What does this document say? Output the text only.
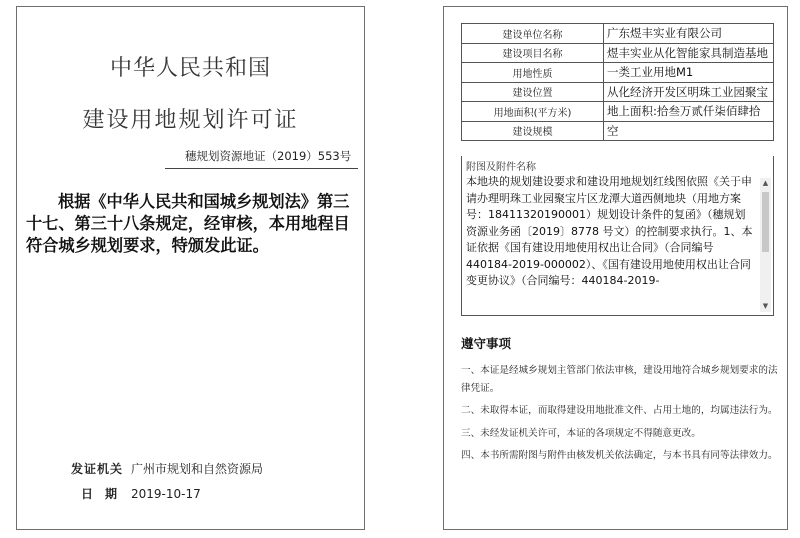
中华人民共和国
建设用地规划许可证
穗规划资源地证（2019）553号
根据《中华人民共和国城乡规划法》第三十七、第三十八条规定，经审核，本用地程目符合城乡规划要求，特颁发此证。
发证机关 广州市规划和自然资源局
日期 2019-10-17
建设单位名称	广东煜丰实业有限公司
建设项目名称	煜丰实业从化智能家具制造基地
用地性质	一类工业用地M1
建设位置	从化经济开发区明珠工业园聚宝
用地面积(平方米)	地上面积:拾叁万贰仟柒佰肆拾
建设规模	空
附图及附件名称
本地块的规划建设要求和建设用地规划红线图依照《关于申请办理明珠工业园聚宝片区龙潭大道西侧地块（用地方案号：18411320190001）规划设计条件的复函》（穗规划资源业务函〔2019〕8778 号文）的控制要求执行。1、本证依据《国有建设用地使用权出让合同》（合同编号440184-2019-000002）、《国有建设用地使用权出让合同变更协议》（合同编号：440184-2019-
▲
▼
遵守事项
一、本证是经城乡规划主管部门依法审核，建设用地符合城乡规划要求的法律凭证。
二、未取得本证，而取得建设用地批准文件、占用土地的，均属违法行为。
三、未经发证机关许可，本证的各项规定不得随意更改。
四、本书所需附图与附件由核发机关依法确定，与本书具有同等法律效力。
